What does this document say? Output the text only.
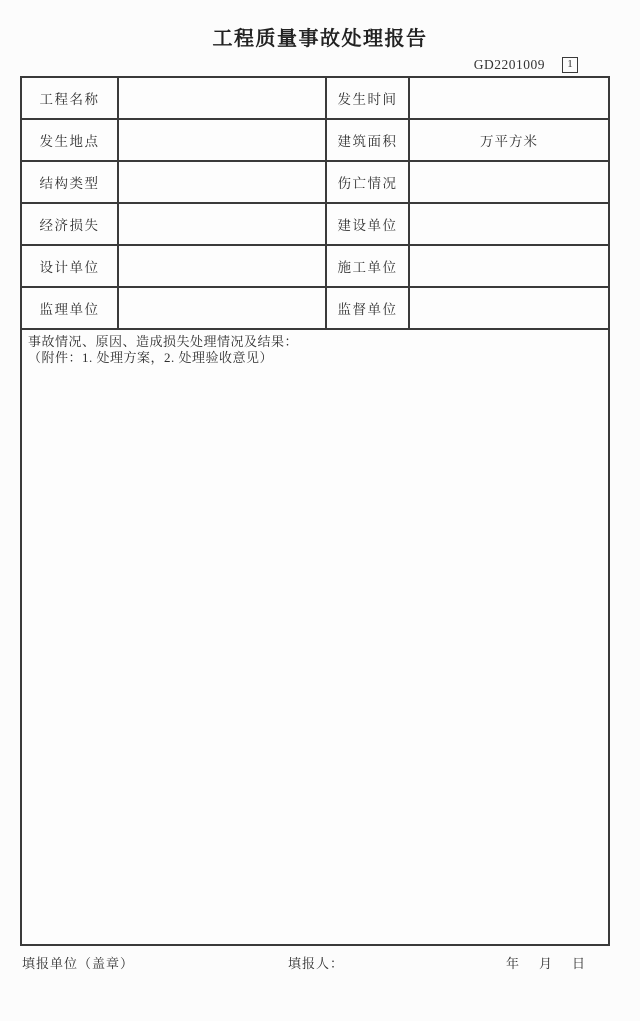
工程质量事故处理报告
GD2201009 1
工程名称		发生时间	
发生地点		建筑面积	万平方米
结构类型		伤亡情况	
经济损失		建设单位	
设计单位		施工单位	
监理单位		监督单位	

事故情况、原因、造成损失处理情况及结果：
（附件：1. 处理方案，2. 处理验收意见）			
填报单位（盖章）	填报人：	年 月 日
